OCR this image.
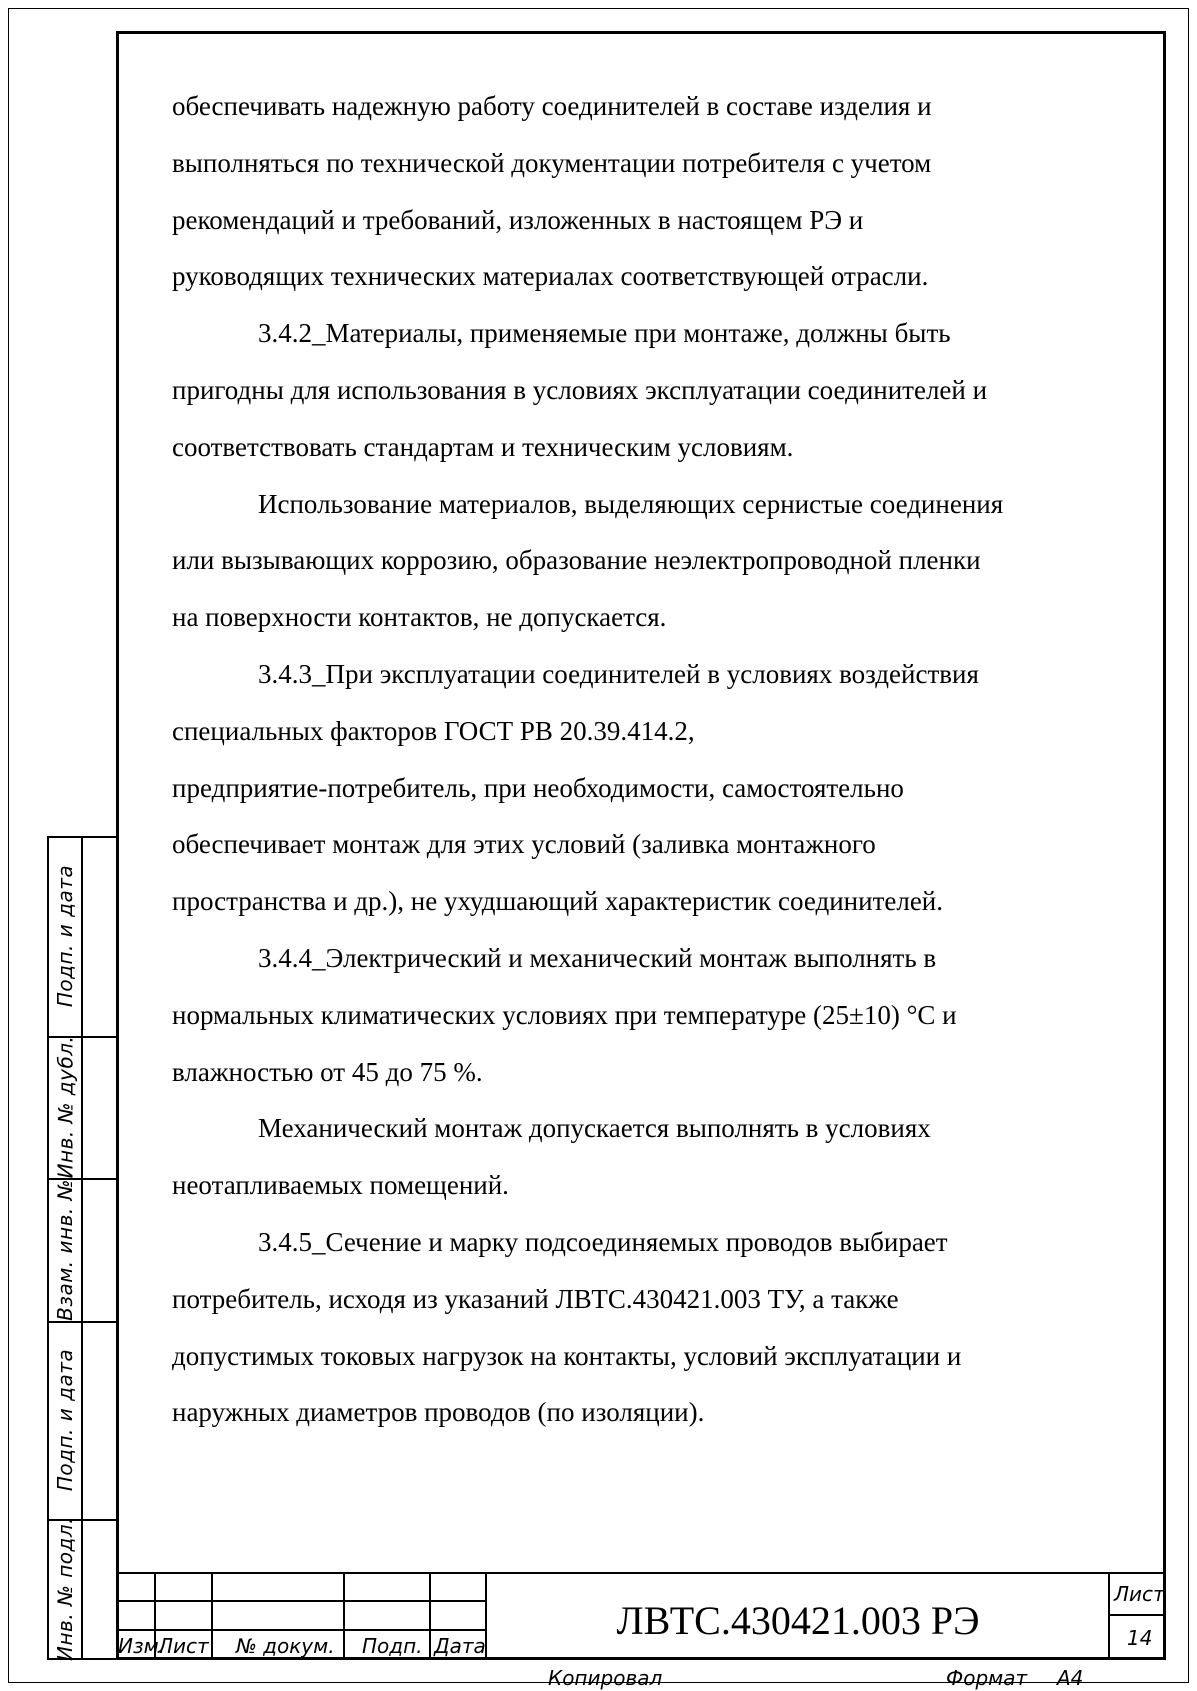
обеспечивать надежную работу соединителей в составе изделия и
выполняться по технической документации потребителя с учетом
рекомендаций и требований, изложенных в настоящем РЭ и
руководящих технических материалах соответствующей отрасли.
3.4.2_Материалы, применяемые при монтаже, должны быть
пригодны для использования в условиях эксплуатации соединителей и
соответствовать стандартам и техническим условиям.
Использование материалов, выделяющих сернистые соединения
или вызывающих коррозию, образование неэлектропроводной пленки
на поверхности контактов, не допускается.
3.4.3_При эксплуатации соединителей в условиях воздействия
специальных факторов ГОСТ РВ 20.39.414.2,
предприятие-потребитель, при необходимости, самостоятельно
обеспечивает монтаж для этих условий (заливка монтажного
пространства и др.), не ухудшающий характеристик соединителей.
3.4.4_Электрический и механический монтаж выполнять в
нормальных климатических условиях при температуре (25±10) °С и
влажностью от 45 до 75 %.
Механический монтаж допускается выполнять в условиях
неотапливаемых помещений.
3.4.5_Сечение и марку подсоединяемых проводов выбирает
потребитель, исходя из указаний ЛВТС.430421.003 ТУ, а также
допустимых токовых нагрузок на контакты, условий эксплуатации и
наружных диаметров проводов (по изоляции).
Подп. и дата
Инв. № дубл.
Взам. инв. №
Подп. и дата
Инв. № подл. Изм.
Лист № докум. Подп. Дата
Лист
14
ЛВТС.430421.003 РЭ
Копировал	Формат А4
